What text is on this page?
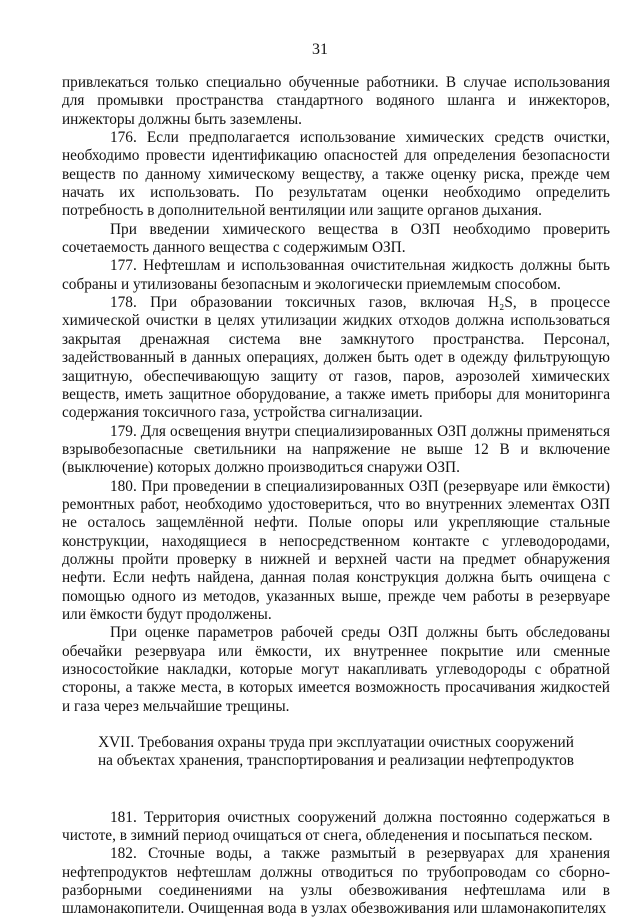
31

привлекаться только специально обученные работники. В случае использования для промывки пространства стандартного водяного шланга и инжекторов, инжекторы должны быть заземлены.

176. Если предполагается использование химических средств очистки, необходимо провести идентификацию опасностей для определения безопасности веществ по данному химическому веществу, а также оценку риска, прежде чем начать их использовать. По результатам оценки необходимо определить потребность в дополнительной вентиляции или защите органов дыхания.

При введении химического вещества в ОЗП необходимо проверить сочетаемость данного вещества с содержимым ОЗП.

177. Нефтешлам и использованная очистительная жидкость должны быть собраны и утилизованы безопасным и экологически приемлемым способом.

178. При образовании токсичных газов, включая H₂S, в процессе химической очистки в целях утилизации жидких отходов должна использоваться закрытая дренажная система вне замкнутого пространства. Персонал, задействованный в данных операциях, должен быть одет в одежду фильтрующую защитную, обеспечивающую защиту от газов, паров, аэрозолей химических веществ, иметь защитное оборудование, а также иметь приборы для мониторинга содержания токсичного газа, устройства сигнализации.

179. Для освещения внутри специализированных ОЗП должны применяться взрывобезопасные светильники на напряжение не выше 12 В и включение (выключение) которых должно производиться снаружи ОЗП.

180. При проведении в специализированных ОЗП (резервуаре или ёмкости) ремонтных работ, необходимо удостовериться, что во внутренних элементах ОЗП не осталось защемлённой нефти. Полые опоры или укрепляющие стальные конструкции, находящиеся в непосредственном контакте с углеводородами, должны пройти проверку в нижней и верхней части на предмет обнаружения нефти. Если нефть найдена, данная полая конструкция должна быть очищена с помощью одного из методов, указанных выше, прежде чем работы в резервуаре или ёмкости будут продолжены.

При оценке параметров рабочей среды ОЗП должны быть обследованы обечайки резервуара или ёмкости, их внутреннее покрытие или сменные износостойкие накладки, которые могут накапливать углеводороды с обратной стороны, а также места, в которых имеется возможность просачивания жидкостей и газа через мельчайшие трещины.

XVII. Требования охраны труда при эксплуатации очистных сооружений
на объектах хранения, транспортирования и реализации нефтепродуктов

181. Территория очистных сооружений должна постоянно содержаться в чистоте, в зимний период очищаться от снега, обледенения и посыпаться песком.

182. Сточные воды, а также размытый в резервуарах для хранения нефтепродуктов нефтешлам должны отводиться по трубопроводам со сборно-разборными соединениями на узлы обезвоживания нефтешлама или в шламонакопители. Очищенная вода в узлах обезвоживания или шламонакопителях
